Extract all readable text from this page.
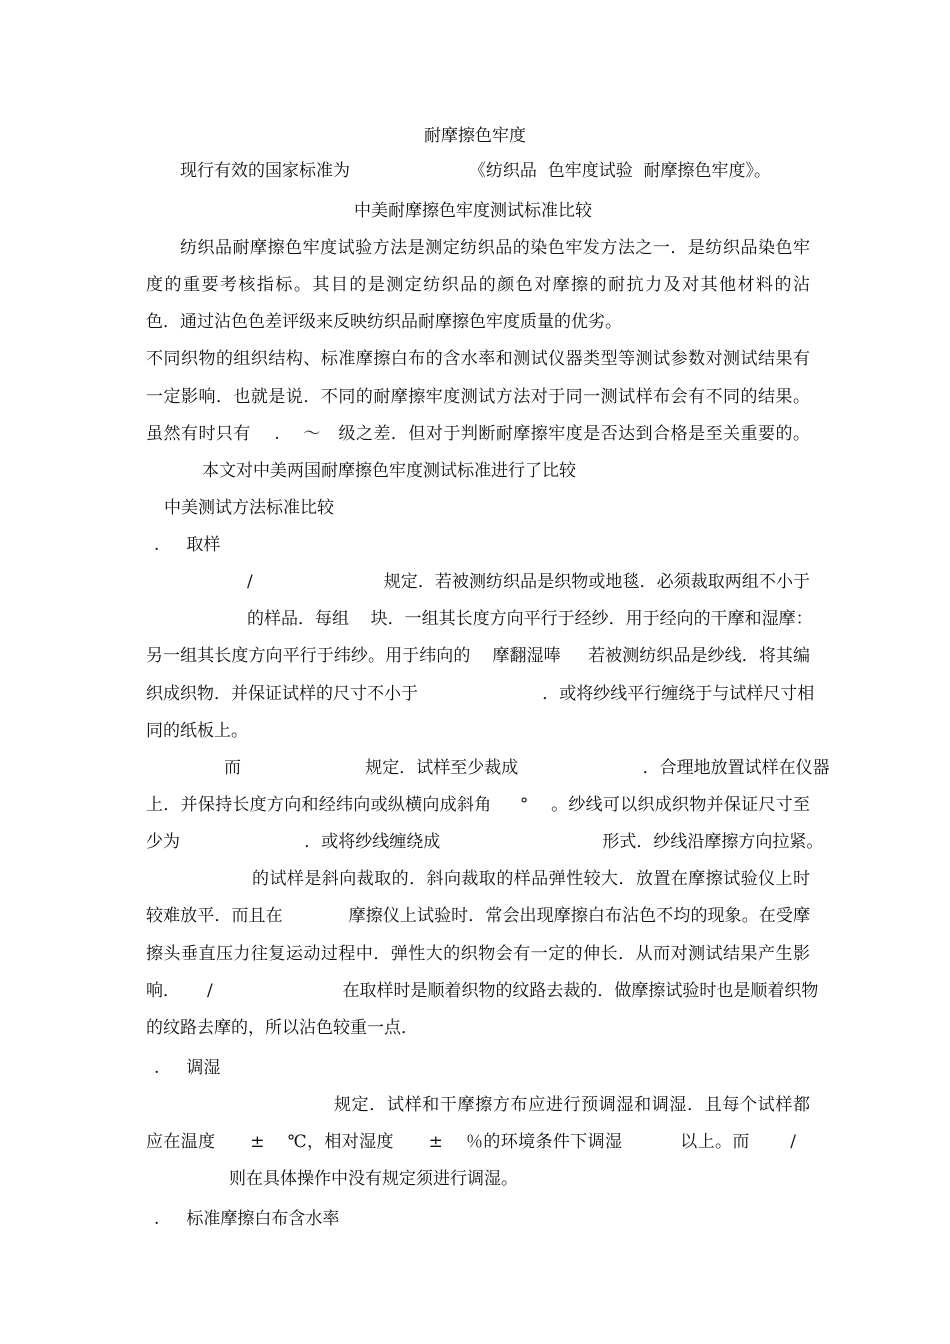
耐摩擦色牢度
现行有效的国家标准为                      《纺织品  色牢度试验  耐摩擦色牢度》。
中美耐摩擦色牢度测试标准比较
纺织品耐摩擦色牢度试验方法是测定纺织品的染色牢发方法之一．是纺织品染色牢
度的重要考核指标。其目的是测定纺织品的颜色对摩擦的耐抗力及对其他材料的沾
色．通过沾色色差评级来反映纺织品耐摩擦色牢度质量的优劣。
不同织物的组织结构、标准摩擦白布的含水率和测试仪器类型等测试参数对测试结果有
一定影响．也就是说．不同的耐摩擦牢度测试方法对于同一测试样布会有不同的结果。
虽然有时只有    .    ～   级之差．但对于判断耐摩擦牢度是否达到合格是至关重要的。
本文对中美两国耐摩擦色牢度测试标准进行了比较
中美测试方法标准比较
.     取样
/                        规定．若被测纺织品是织物或地毯．必须裁取两组不小于
的样品．每组    块．一组其长度方向平行于经纱．用于经向的干摩和湿摩：
另一组其长度方向平行于纬纱。用于纬向的    摩翻湿唪     若被测纺织品是纱线．将其编
织成织物．并保证试样的尺寸不小于                       ．或将纱线平行缠绕于与试样尺寸相
同的纸板上。
而                       规定．试样至少裁成                       ．合理地放置试样在仪器
上．并保持长度方向和经纬向或纵横向成斜角     °    。纱线可以织成织物并保证尺寸至
少为                       ．或将纱线缠绕成                              形式．纱线沿摩擦方向拉紧。
的试样是斜向裁取的．斜向裁取的样品弹性较大．放置在摩擦试验仪上时
较难放平．而且在            摩擦仪上试验时．常会出现摩擦白布沾色不均的现象。在受摩
擦头垂直压力往复运动过程中．弹性大的织物会有一定的伸长．从而对测试结果产生影
响．     /                        在取样时是顺着织物的纹路去裁的．做摩擦试验时也是顺着织物
的纹路去摩的，所以沾色较重一点．
.     调湿
规定．试样和干摩擦方布应进行预调湿和调湿．且每个试样都
应在温度      ±    ℃，相对湿度      ±    ％的环境条件下调湿          以上。而       /
则在具体操作中没有规定须进行调湿。
.     标准摩擦白布含水率
